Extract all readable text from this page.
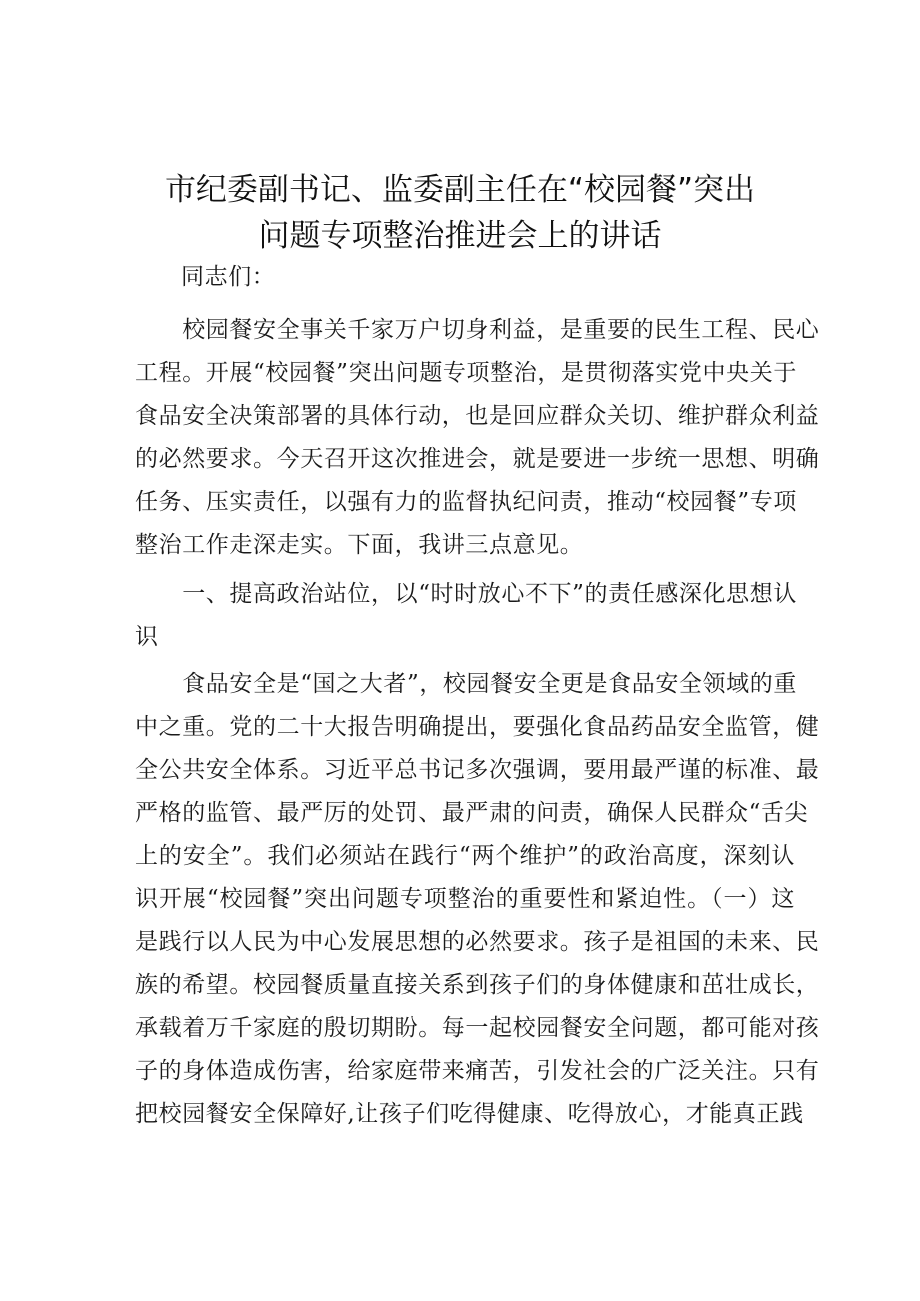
市纪委副书记、监委副主任在“校园餐”突出
问题专项整治推进会上的讲话
同志们：
　　校园餐安全事关千家万户切身利益，是重要的民生工程、民心
工程。开展“校园餐”突出问题专项整治，是贯彻落实党中央关于
食品安全决策部署的具体行动，也是回应群众关切、维护群众利益
的必然要求。今天召开这次推进会，就是要进一步统一思想、明确
任务、压实责任，以强有力的监督执纪问责，推动“校园餐”专项
整治工作走深走实。下面，我讲三点意见。
　　一、提高政治站位，以“时时放心不下”的责任感深化思想认
识
　　食品安全是“国之大者”，校园餐安全更是食品安全领域的重
中之重。党的二十大报告明确提出，要强化食品药品安全监管，健
全公共安全体系。习近平总书记多次强调，要用最严谨的标准、最
严格的监管、最严厉的处罚、最严肃的问责，确保人民群众“舌尖
上的安全”。我们必须站在践行“两个维护”的政治高度，深刻认
识开展“校园餐”突出问题专项整治的重要性和紧迫性。（一）这
是践行以人民为中心发展思想的必然要求。孩子是祖国的未来、民
族的希望。校园餐质量直接关系到孩子们的身体健康和茁壮成长，
承载着万千家庭的殷切期盼。每一起校园餐安全问题，都可能对孩
子的身体造成伤害，给家庭带来痛苦，引发社会的广泛关注。只有
把校园餐安全保障好,让孩子们吃得健康、吃得放心，才能真正践
